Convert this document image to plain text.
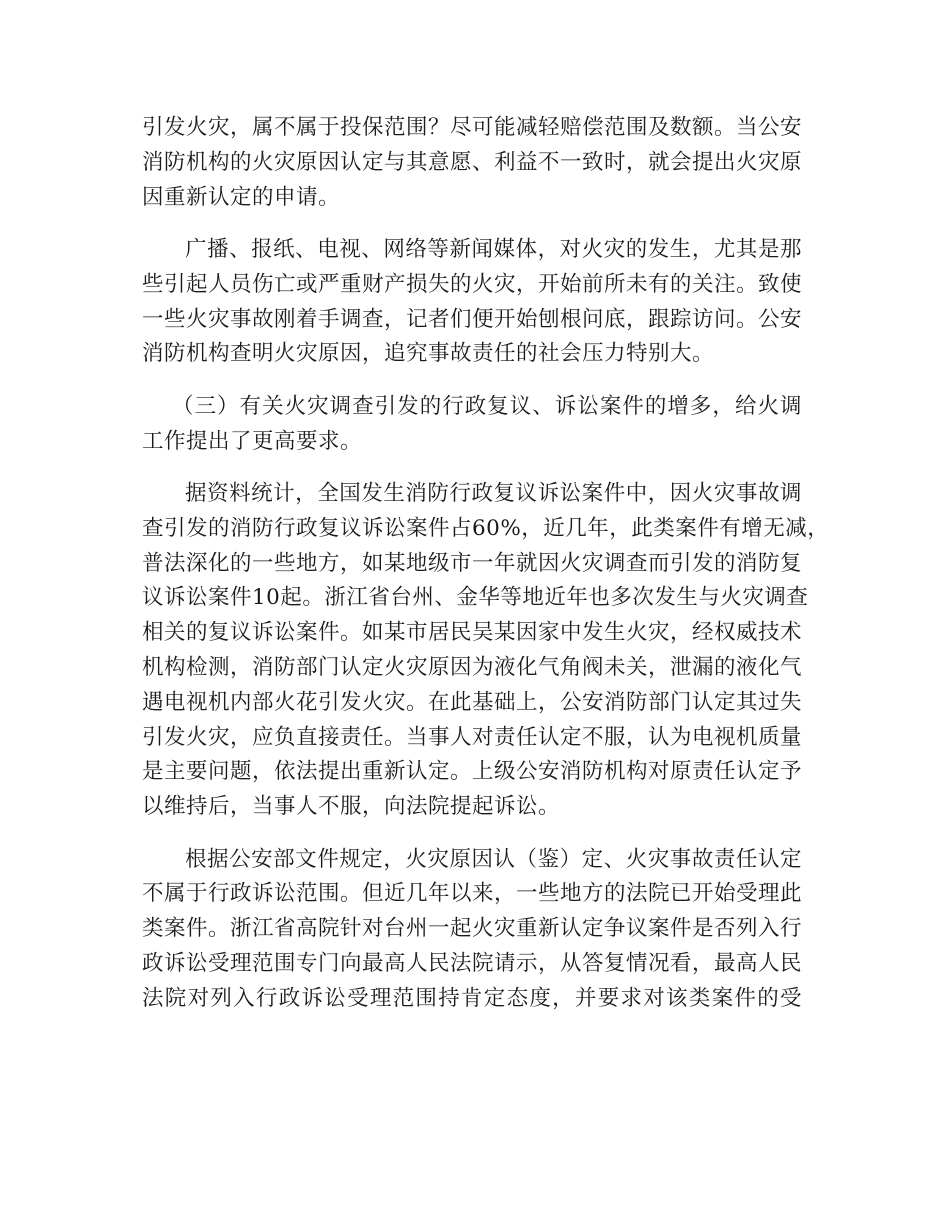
引发火灾，属不属于投保范围？尽可能减轻赔偿范围及数额。当公安
消防机构的火灾原因认定与其意愿、利益不一致时，就会提出火灾原
因重新认定的申请。

广播、报纸、电视、网络等新闻媒体，对火灾的发生，尤其是那
些引起人员伤亡或严重财产损失的火灾，开始前所未有的关注。致使
一些火灾事故刚着手调查，记者们便开始刨根问底，跟踪访问。公安
消防机构查明火灾原因，追究事故责任的社会压力特别大。

（三）有关火灾调查引发的行政复议、诉讼案件的增多，给火调
工作提出了更高要求。

据资料统计，全国发生消防行政复议诉讼案件中，因火灾事故调
查引发的消防行政复议诉讼案件占60%，近几年，此类案件有增无减，
普法深化的一些地方，如某地级市一年就因火灾调查而引发的消防复
议诉讼案件10起。浙江省台州、金华等地近年也多次发生与火灾调查
相关的复议诉讼案件。如某市居民吴某因家中发生火灾，经权威技术
机构检测，消防部门认定火灾原因为液化气角阀未关，泄漏的液化气
遇电视机内部火花引发火灾。在此基础上，公安消防部门认定其过失
引发火灾，应负直接责任。当事人对责任认定不服，认为电视机质量
是主要问题，依法提出重新认定。上级公安消防机构对原责任认定予
以维持后，当事人不服，向法院提起诉讼。

根据公安部文件规定，火灾原因认（鉴）定、火灾事故责任认定
不属于行政诉讼范围。但近几年以来，一些地方的法院已开始受理此
类案件。浙江省高院针对台州一起火灾重新认定争议案件是否列入行
政诉讼受理范围专门向最高人民法院请示，从答复情况看，最高人民
法院对列入行政诉讼受理范围持肯定态度，并要求对该类案件的受
